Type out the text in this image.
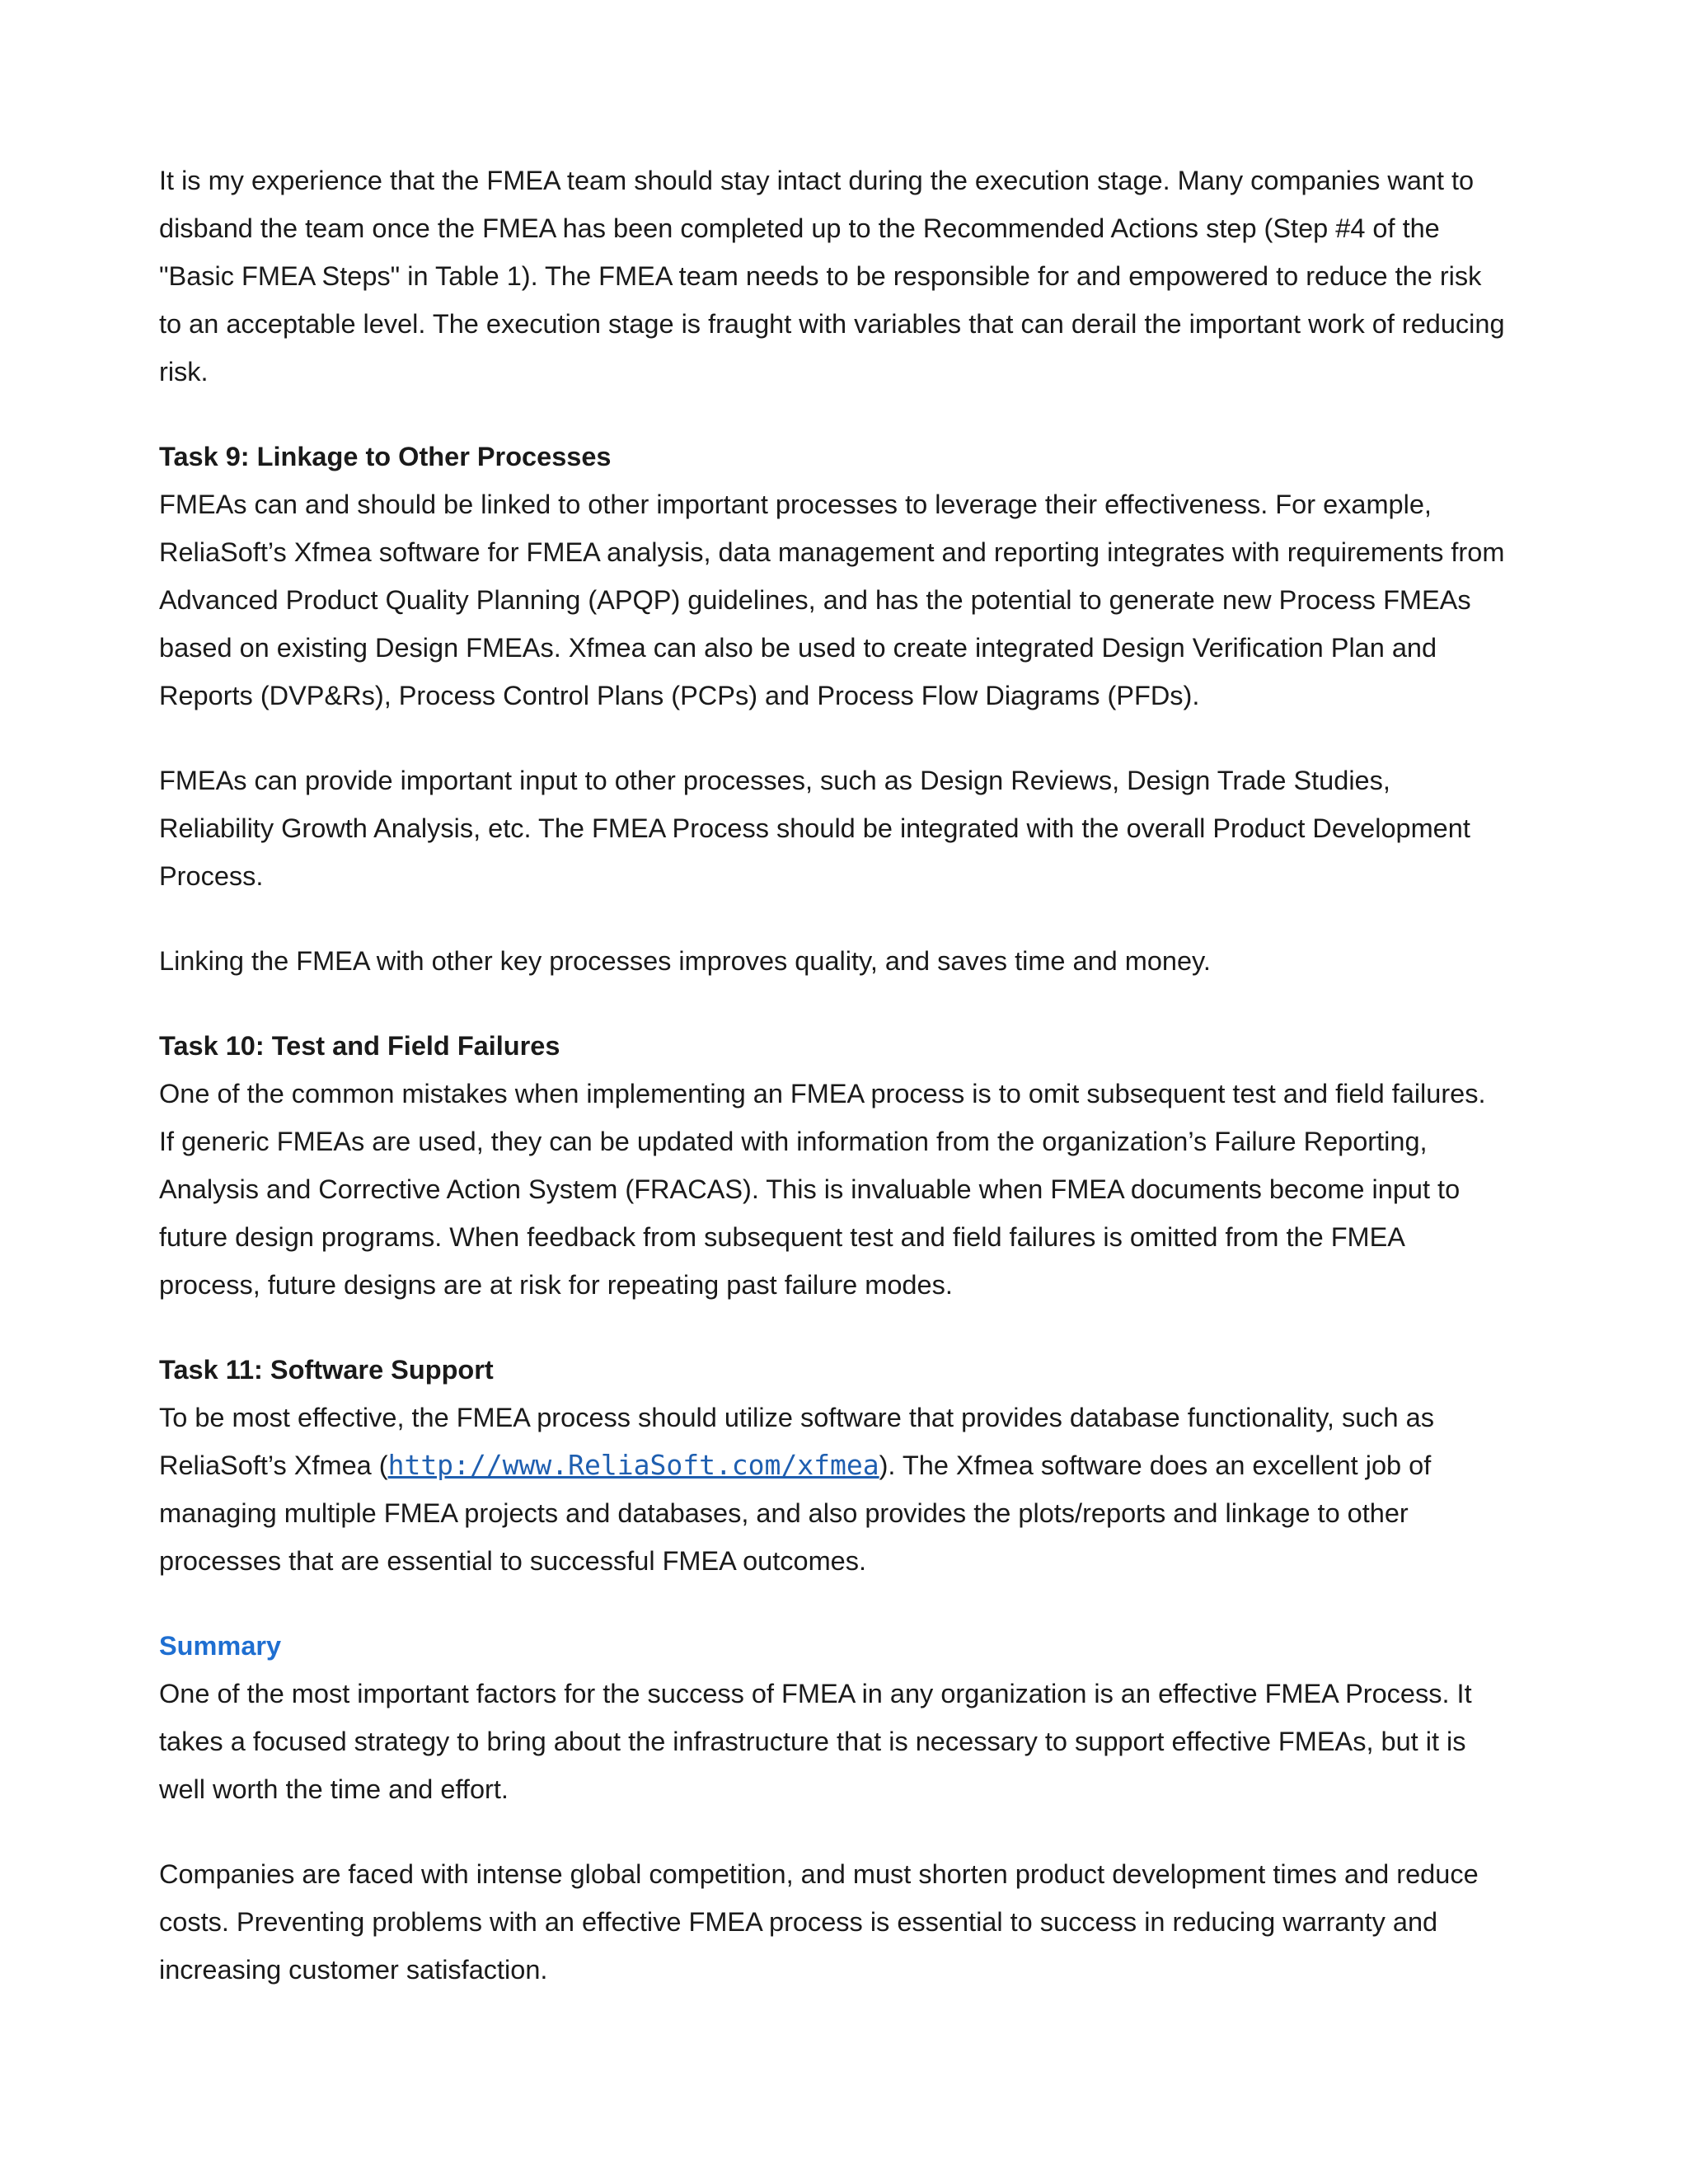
It is my experience that the FMEA team should stay intact during the execution stage. Many companies want to
disband the team once the FMEA has been completed up to the Recommended Actions step (Step #4 of the
"Basic FMEA Steps" in Table 1). The FMEA team needs to be responsible for and empowered to reduce the risk
to an acceptable level. The execution stage is fraught with variables that can derail the important work of reducing
risk.

Task 9: Linkage to Other Processes

FMEAs can and should be linked to other important processes to leverage their effectiveness. For example,
ReliaSoft’s Xfmea software for FMEA analysis, data management and reporting integrates with requirements from
Advanced Product Quality Planning (APQP) guidelines, and has the potential to generate new Process FMEAs
based on existing Design FMEAs. Xfmea can also be used to create integrated Design Verification Plan and
Reports (DVP&Rs), Process Control Plans (PCPs) and Process Flow Diagrams (PFDs).

FMEAs can provide important input to other processes, such as Design Reviews, Design Trade Studies,
Reliability Growth Analysis, etc. The FMEA Process should be integrated with the overall Product Development
Process.

Linking the FMEA with other key processes improves quality, and saves time and money.

Task 10: Test and Field Failures

One of the common mistakes when implementing an FMEA process is to omit subsequent test and field failures.
If generic FMEAs are used, they can be updated with information from the organization’s Failure Reporting,
Analysis and Corrective Action System (FRACAS). This is invaluable when FMEA documents become input to
future design programs. When feedback from subsequent test and field failures is omitted from the FMEA
process, future designs are at risk for repeating past failure modes.

Task 11: Software Support

To be most effective, the FMEA process should utilize software that provides database functionality, such as
ReliaSoft’s Xfmea (http://www.ReliaSoft.com/xfmea). The Xfmea software does an excellent job of
managing multiple FMEA projects and databases, and also provides the plots/reports and linkage to other
processes that are essential to successful FMEA outcomes.

Summary

One of the most important factors for the success of FMEA in any organization is an effective FMEA Process. It
takes a focused strategy to bring about the infrastructure that is necessary to support effective FMEAs, but it is
well worth the time and effort.

Companies are faced with intense global competition, and must shorten product development times and reduce
costs. Preventing problems with an effective FMEA process is essential to success in reducing warranty and
increasing customer satisfaction.
